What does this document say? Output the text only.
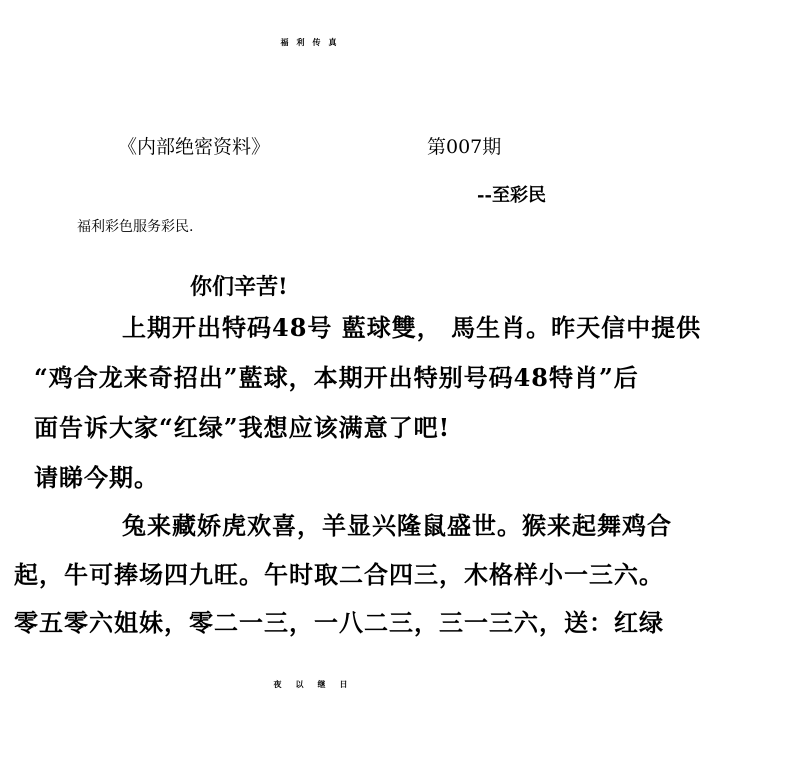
福利传真
《内部绝密资料》	第007期
--至彩民
福利彩色服务彩民.
你们辛苦!
上期开出特码48号 藍球雙， 馬生肖。昨天信中提供
“鸡合龙来奇招出”藍球，本期开出特别号码48特肖”后
面告诉大家“红绿”我想应该满意了吧!
请睇今期。
兔来藏娇虎欢喜，羊显兴隆鼠盛世。猴来起舞鸡合
起，牛可捧场四九旺。午时取二合四三，木格样小一三六。
零五零六姐妹，零二一三，一八二三，三一三六，送：红绿
夜以继日
